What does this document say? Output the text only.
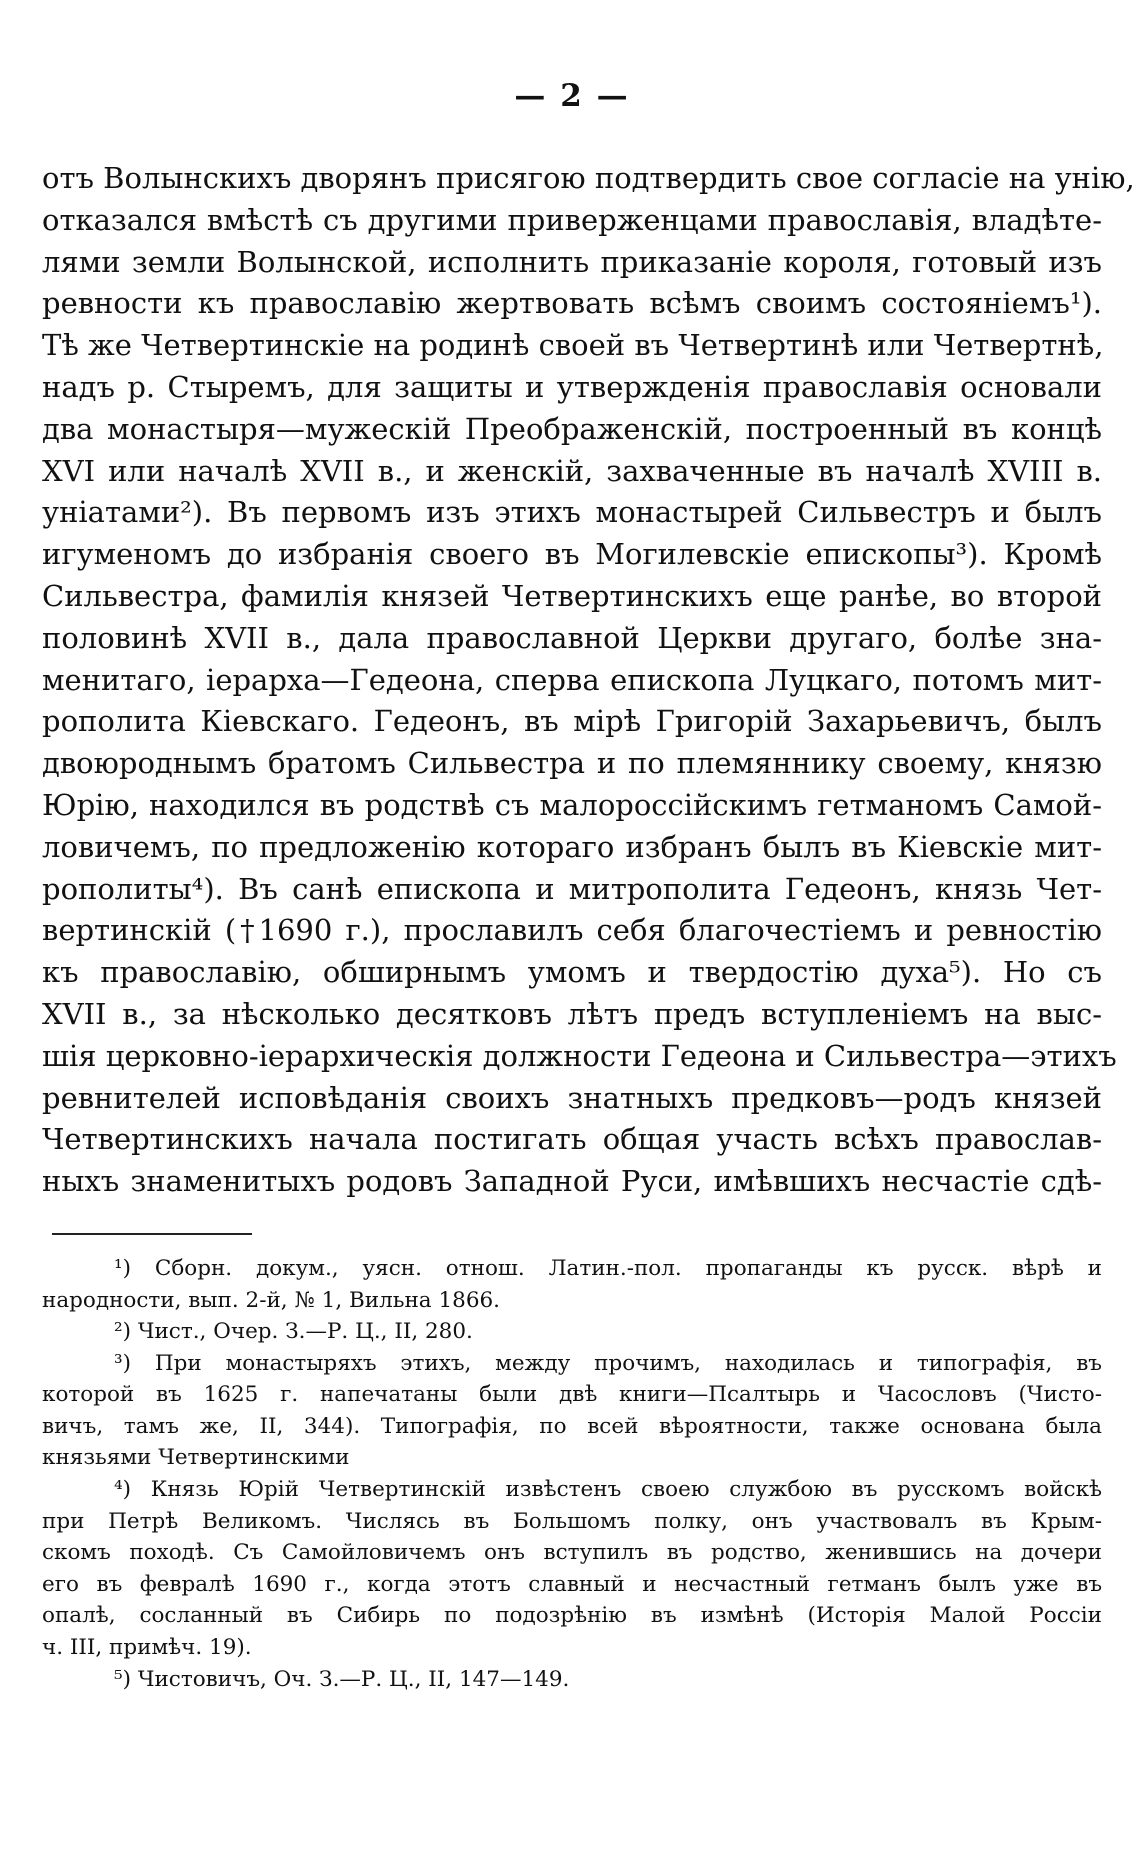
— 2 —
отъ Волынскихъ дворянъ присягою подтвердить свое согласіе на унію,
отказался вмѣстѣ съ другими приверженцами православія, владѣте-
лями земли Волынской, исполнить приказаніе короля, готовый изъ
ревности къ православію жертвовать всѣмъ своимъ состояніемъ¹).
Тѣ же Четвертинскіе на родинѣ своей въ Четвертинѣ или Четвертнѣ,
надъ р. Стыремъ, для защиты и утвержденія православія основали
два монастыря—мужескій Преображенскій, построенный въ концѣ
XVI или началѣ XVII в., и женскій, захваченные въ началѣ XVIII в.
уніатами²). Въ первомъ изъ этихъ монастырей Сильвестръ и былъ
игуменомъ до избранія своего въ Могилевскіе епископы³). Кромѣ
Сильвестра, фамилія князей Четвертинскихъ еще ранѣе, во второй
половинѣ XVII в., дала православной Церкви другаго, болѣе зна-
менитаго, іерарха—Гедеона, сперва епископа Луцкаго, потомъ мит-
рополита Кіевскаго. Гедеонъ, въ мірѣ Григорій Захарьевичъ, былъ
двоюроднымъ братомъ Сильвестра и по племяннику своему, князю
Юрію, находился въ родствѣ съ малороссійскимъ гетманомъ Самой-
ловичемъ, по предложенію котораго избранъ былъ въ Кіевскіе мит-
рополиты⁴). Въ санѣ епископа и митрополита Гедеонъ, князь Чет-
вертинскій (†1690 г.), прославилъ себя благочестіемъ и ревностію
къ православію, обширнымъ умомъ и твердостію духа⁵). Но съ
XVII в., за нѣсколько десятковъ лѣтъ предъ вступленіемъ на выс-
шія церковно-іерархическія должности Гедеона и Сильвестра—этихъ
ревнителей исповѣданія своихъ знатныхъ предковъ—родъ князей
Четвертинскихъ начала постигать общая участь всѣхъ православ-
ныхъ знаменитыхъ родовъ Западной Руси, имѣвшихъ несчастіе сдѣ-
¹) Сборн. докум., уясн. отнош. Латин.-пол. пропаганды къ русск. вѣрѣ и
народности, вып. 2-й, № 1, Вильна 1866.
²) Чист., Очер. З.—Р. Ц., II, 280.
³) При монастыряхъ этихъ, между прочимъ, находилась и типографія, въ
которой въ 1625 г. напечатаны были двѣ книги—Псалтырь и Часословъ (Чисто-
вичъ, тамъ же, II, 344). Типографія, по всей вѣроятности, также основана была
князьями Четвертинскими
⁴) Князь Юрій Четвертинскій извѣстенъ своею службою въ русскомъ войскѣ
при Петрѣ Великомъ. Числясь въ Большомъ полку, онъ участвовалъ въ Крым-
скомъ походѣ. Съ Самойловичемъ онъ вступилъ въ родство, женившись на дочери
его въ февралѣ 1690 г., когда этотъ славный и несчастный гетманъ былъ уже въ
опалѣ, сосланный въ Сибирь по подозрѣнію въ измѣнѣ (Исторія Малой Россіи
ч. III, примѣч. 19).
⁵) Чистовичъ, Оч. З.—Р. Ц., II, 147—149.
